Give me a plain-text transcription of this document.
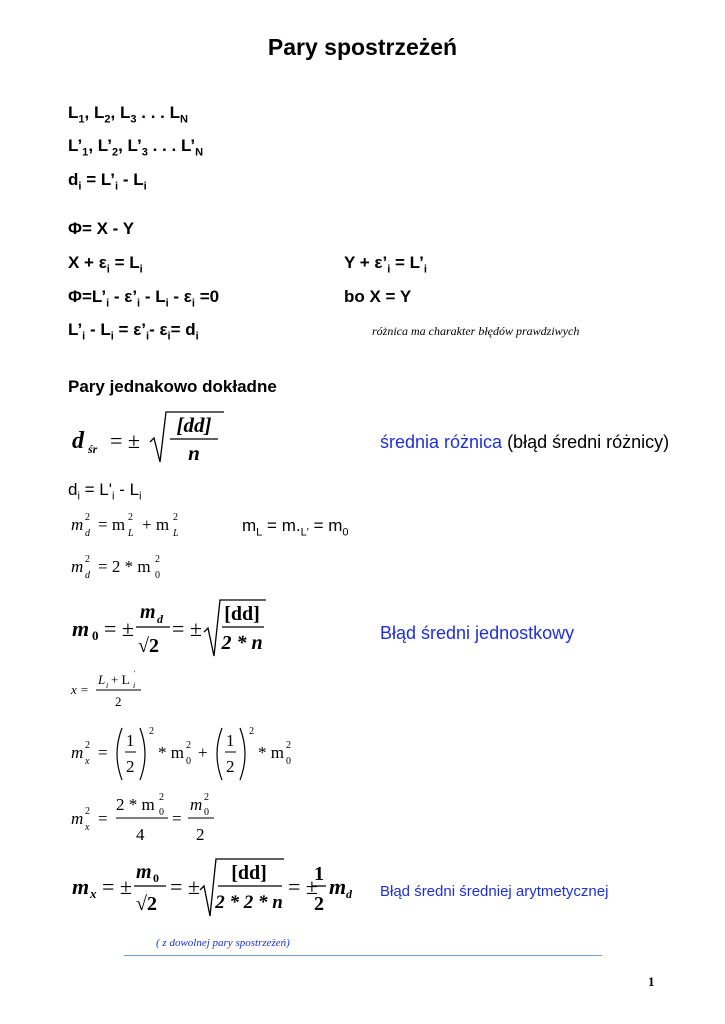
Pary spostrzeżeń
$L_1$, $L_2$, $L_3$ . . . $L_N$
$L’_1$, $L’_2$, $L’_3$ . . . $L’_N$
$d_i$ = $L’_i - L_i$
Φ= X - Y
$X + \varepsilon_i = L_i$	$Y + \varepsilon’_i$ = $L’_i$
$\Phi=L’_i$ - $\varepsilon’_i - L_i - \varepsilon_i =0$	bo X = Y
$L’_i - L_i$ = $\varepsilon’_i-$ $\varepsilon_i= d_i$	różnica ma charakter błędów prawdziwych
Pary jednakowo dokładne
d śr = ±
[dd]
n	średnia różnica (błąd średni różnicy)
$d_i = L'_i - L_i$
m d
2 = m L
2 + m L
2	$m_L = m._{L'} = m_0$
m d
2 = 2 * m 0
2
m 0 = ±
m d
√2
= ±
[dd]
2 * n	Błąd średni jednostkowy
x =
L i + L i
'
2
m x
2 =
1
2
2
* m 0
2 +
1
2
2
* m 0
2
m x
2 =
2 * m 0
2
4
=
m 0
2
2
m x = ±
m 0
√2
= ±
[dd]
2 * 2 * n
= ±
1
2
m d Błąd średni średniej arytmetycznej
( z dowolnej pary spostrzeżeń)
1
